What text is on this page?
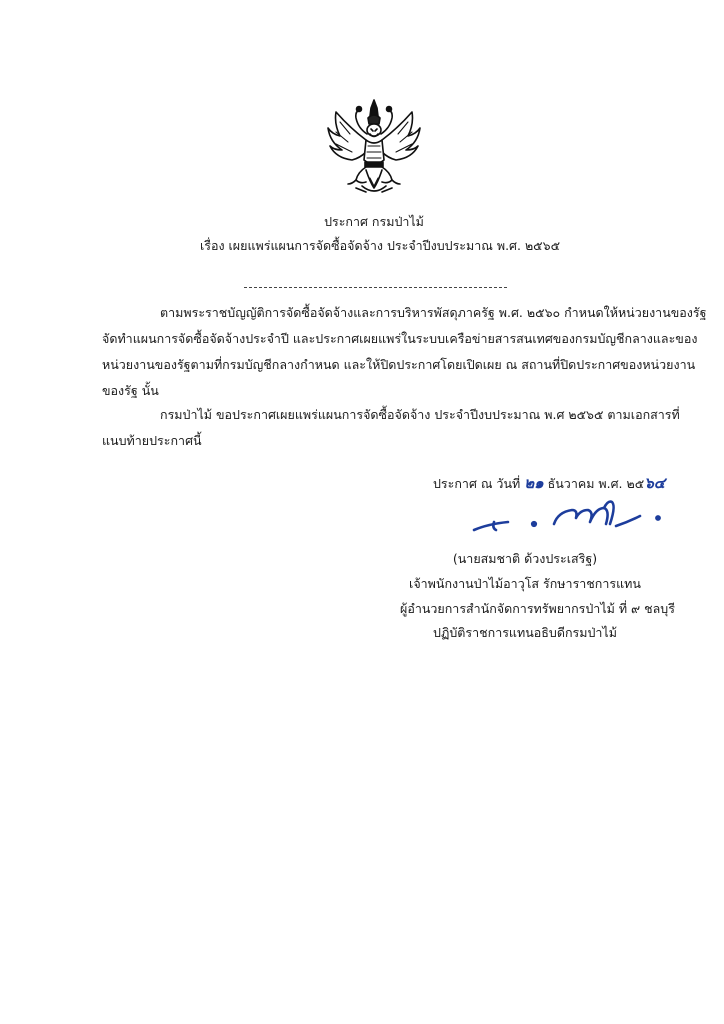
ประกาศ กรมป่าไม้
เรื่อง เผยแพร่แผนการจัดซื้อจัดจ้าง ประจำปีงบประมาณ พ.ศ. ๒๕๖๕
ตามพระราชบัญญัติการจัดซื้อจัดจ้างและการบริหารพัสดุภาครัฐ พ.ศ. ๒๕๖๐ กำหนดให้หน่วยงานของรัฐ
จัดทำแผนการจัดซื้อจัดจ้างประจำปี และประกาศเผยแพร่ในระบบเครือข่ายสารสนเทศของกรมบัญชีกลางและของ
หน่วยงานของรัฐตามที่กรมบัญชีกลางกำหนด และให้ปิดประกาศโดยเปิดเผย ณ สถานที่ปิดประกาศของหน่วยงาน
ของรัฐ นั้น
กรมป่าไม้ ขอประกาศเผยแพร่แผนการจัดซื้อจัดจ้าง ประจำปีงบประมาณ พ.ศ ๒๕๖๕ ตามเอกสารที่
แนบท้ายประกาศนี้
ประกาศ ณ วันที่ ๒๑ ธันวาคม พ.ศ. ๒๕๖๔
(นายสมชาติ ด้วงประเสริฐ)
เจ้าพนักงานป่าไม้อาวุโส รักษาราชการแทน
ผู้อำนวยการสำนักจัดการทรัพยากรป่าไม้ ที่ ๙ ชลบุรี
ปฏิบัติราชการแทนอธิบดีกรมป่าไม้
